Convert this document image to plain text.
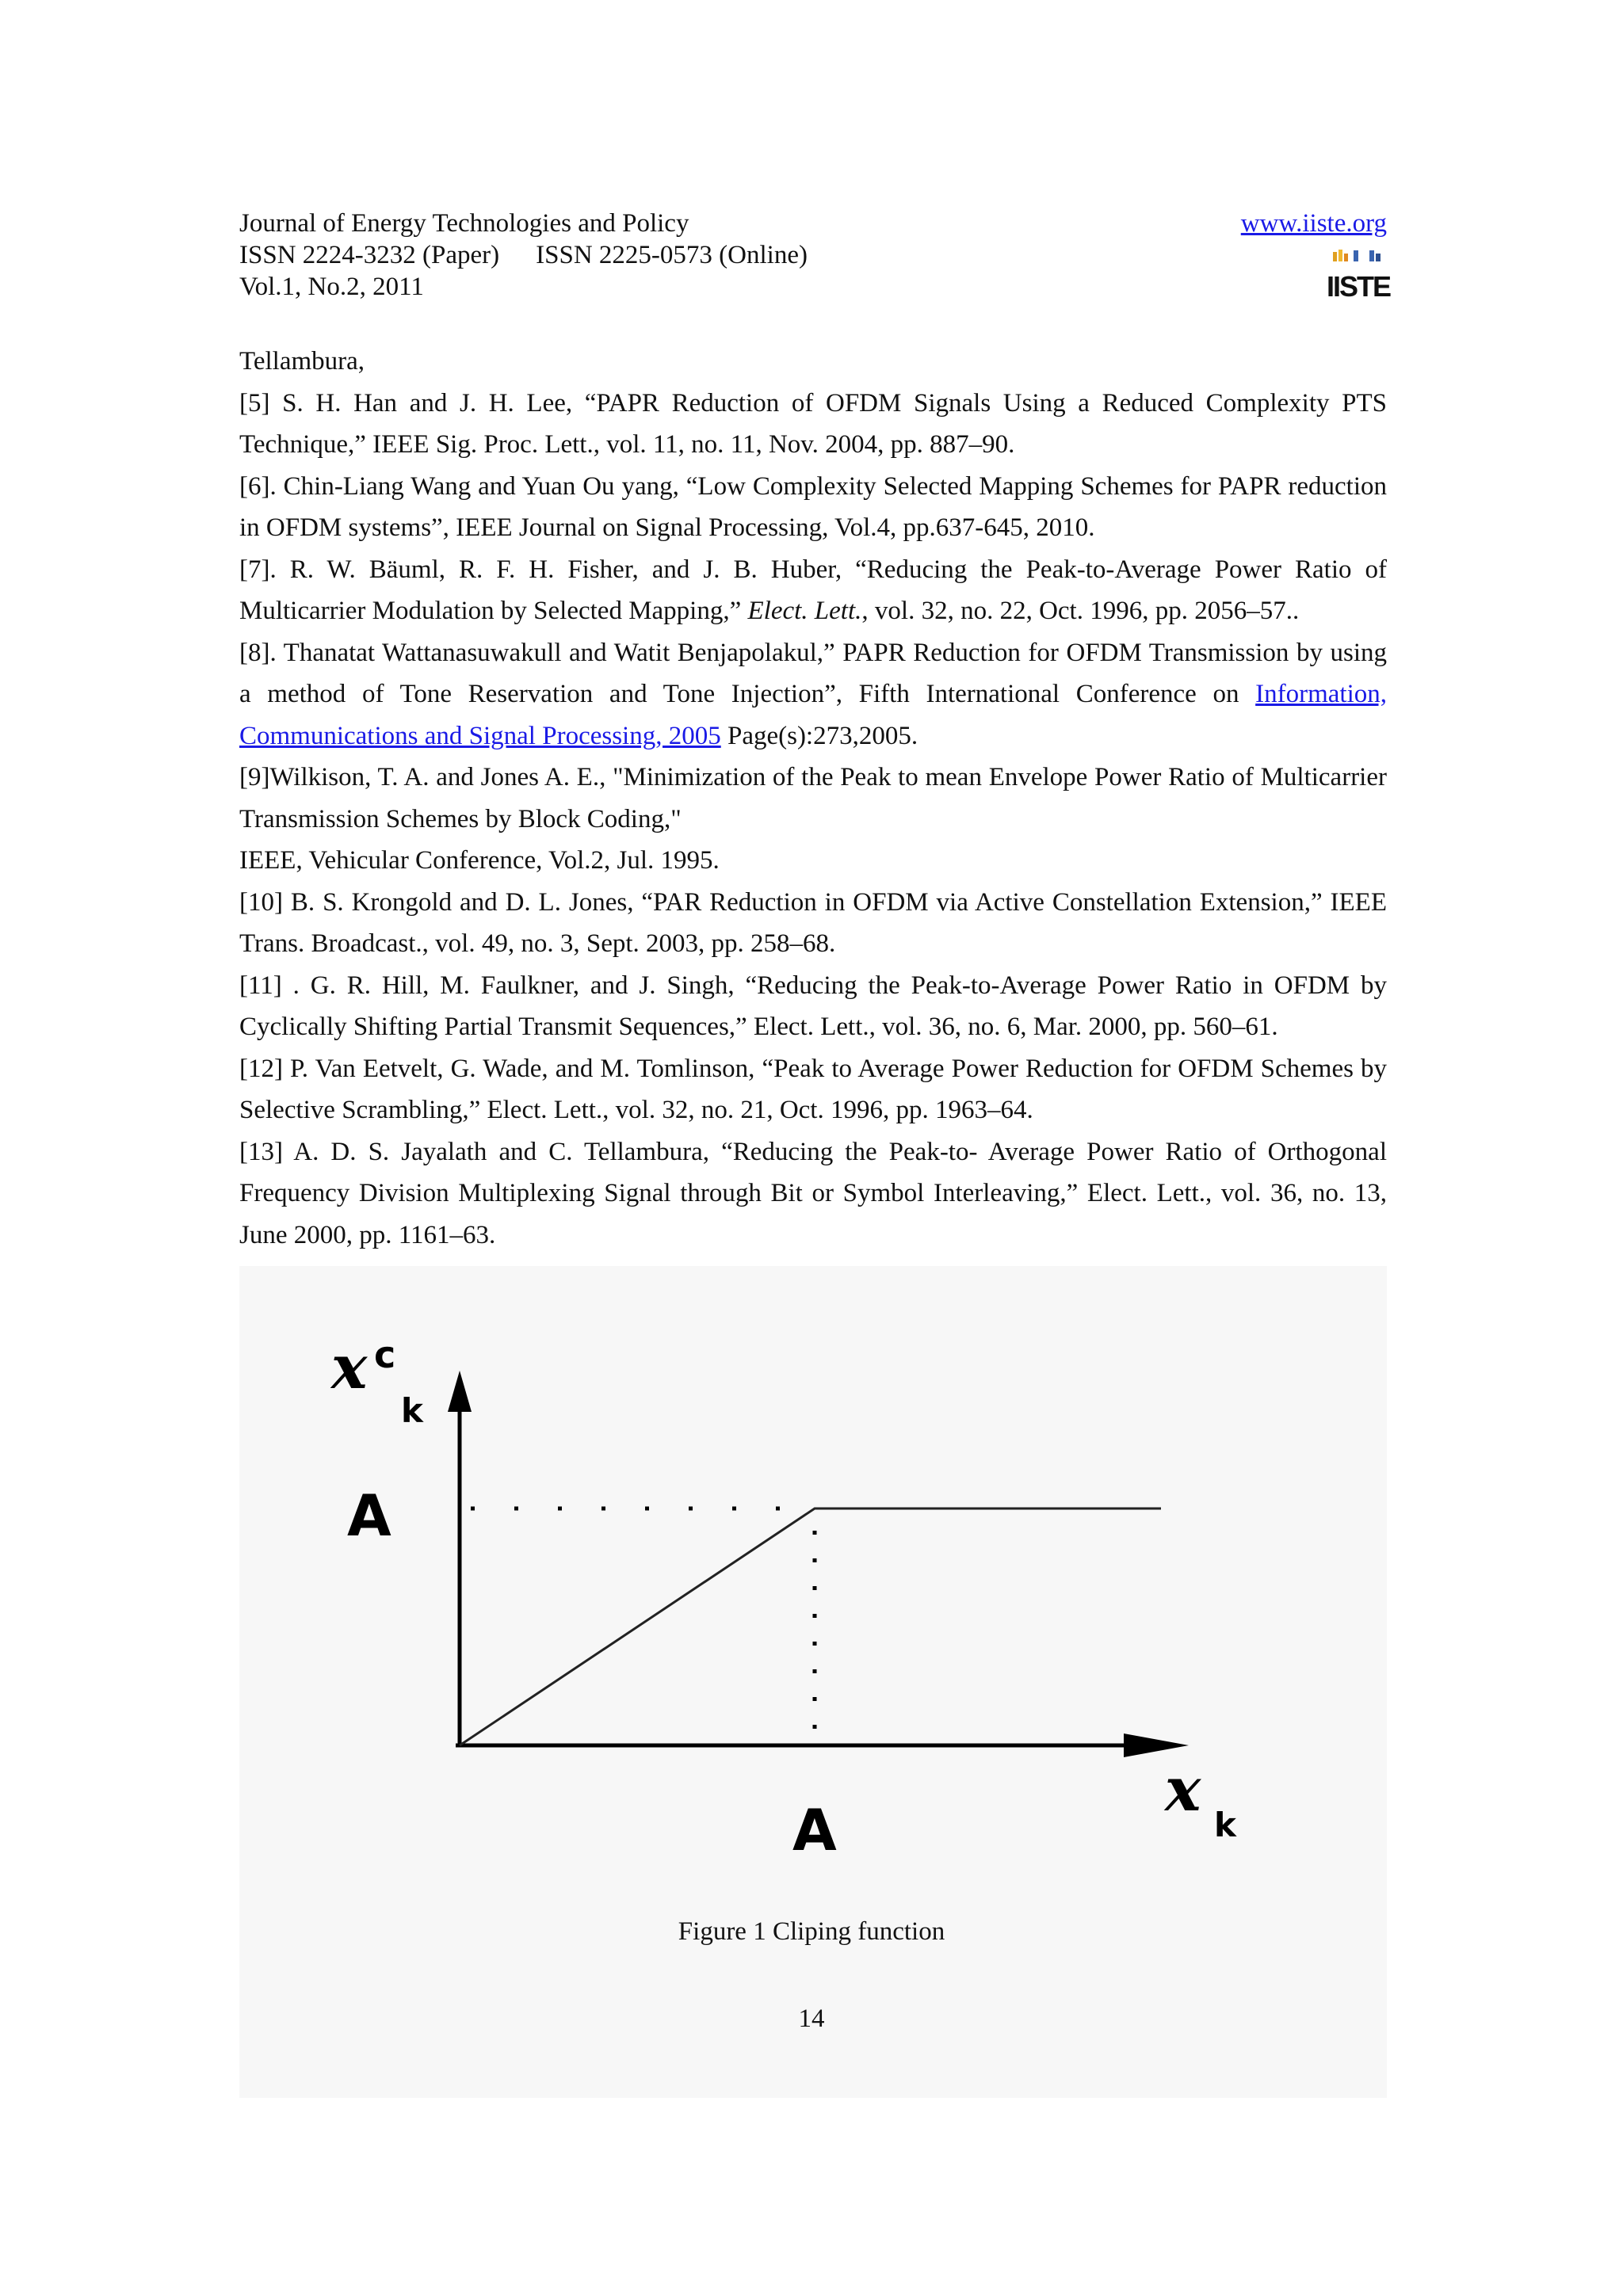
Journal of Energy Technologies and Policy	www.iiste.org
ISSN 2224-3232 (Paper) ISSN 2225-0573 (Online)
Vol.1, No.2, 2011	IISTE

Tellambura,

[5] S. H. Han and J. H. Lee, “PAPR Reduction of OFDM Signals Using a Reduced Complexity PTS Technique,” IEEE Sig. Proc. Lett., vol. 11, no. 11, Nov. 2004, pp. 887–90.

[6]. Chin-Liang Wang and Yuan Ou yang, “Low Complexity Selected Mapping Schemes for PAPR reduction in OFDM systems”, IEEE Journal on Signal Processing, Vol.4, pp.637-645, 2010.

[7]. R. W. Bäuml, R. F. H. Fisher, and J. B. Huber, “Reducing the Peak-to-Average Power Ratio of Multicarrier Modulation by Selected Mapping,” Elect. Lett., vol. 32, no. 22, Oct. 1996, pp. 2056–57..

[8]. Thanatat Wattanasuwakull and Watit Benjapolakul,” PAPR Reduction for OFDM Transmission by using a method of Tone Reservation and Tone Injection”, Fifth International Conference on Information, Communications and Signal Processing, 2005 Page(s):273,2005.

[9]Wilkison, T. A. and Jones A. E., "Minimization of the Peak to mean Envelope Power Ratio of Multicarrier Transmission Schemes by Block Coding,"

IEEE, Vehicular Conference, Vol.2, Jul. 1995.

[10] B. S. Krongold and D. L. Jones, “PAR Reduction in OFDM via Active Constellation Extension,” IEEE Trans. Broadcast., vol. 49, no. 3, Sept. 2003, pp. 258–68.

[11] . G. R. Hill, M. Faulkner, and J. Singh, “Reducing the Peak-to-Average Power Ratio in OFDM by Cyclically Shifting Partial Transmit Sequences,” Elect. Lett., vol. 36, no. 6, Mar. 2000, pp. 560–61.

[12] P. Van Eetvelt, G. Wade, and M. Tomlinson, “Peak to Average Power Reduction for OFDM Schemes by Selective Scrambling,” Elect. Lett., vol. 32, no. 21, Oct. 1996, pp. 1963–64.

[13] A. D. S. Jayalath and C. Tellambura, “Reducing the Peak-to- Average Power Ratio of Orthogonal Frequency Division Multiplexing Signal through Bit or Symbol Interleaving,” Elect. Lett., vol. 36, no. 13, June 2000, pp. 1161–63.

x c
k
A
A
x
k
Figure 1 Cliping function
14
